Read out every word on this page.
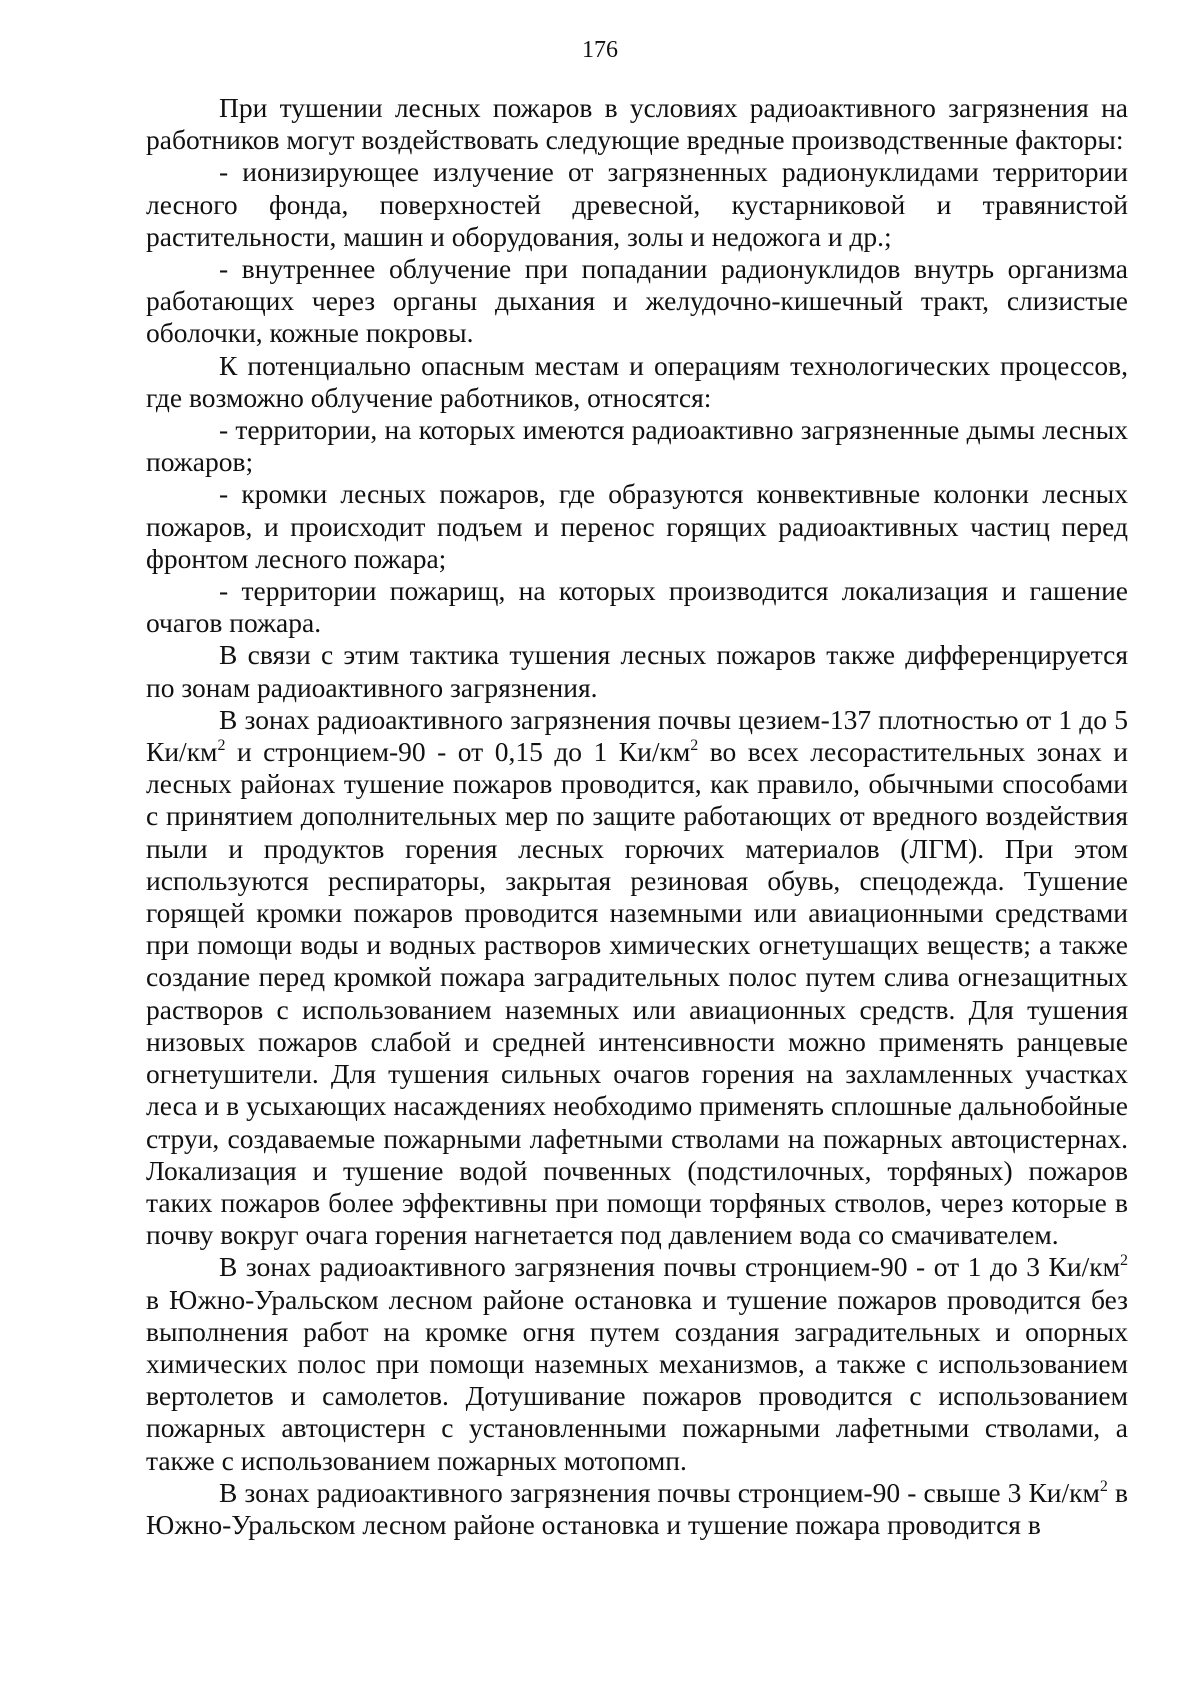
176

При тушении лесных пожаров в условиях радиоактивного загрязнения на работников могут воздействовать следующие вредные производственные факторы:

- ионизирующее излучение от загрязненных радионуклидами территории лесного фонда, поверхностей древесной, кустарниковой и травянистой растительности, машин и оборудования, золы и недожога и др.;

- внутреннее облучение при попадании радионуклидов внутрь организма работающих через органы дыхания и желудочно-кишечный тракт, слизистые оболочки, кожные покровы.

К потенциально опасным местам и операциям технологических процессов, где возможно облучение работников, относятся:

- территории, на которых имеются радиоактивно загрязненные дымы лесных пожаров;

- кромки лесных пожаров, где образуются конвективные колонки лесных пожаров, и происходит подъем и перенос горящих радиоактивных частиц перед фронтом лесного пожара;

- территории пожарищ, на которых производится локализация и гашение очагов пожара.

В связи с этим тактика тушения лесных пожаров также дифференцируется по зонам радиоактивного загрязнения.

В зонах радиоактивного загрязнения почвы цезием-137 плотностью от 1 до 5 $Ки/км^2$ и стронцием-90 - от 0,15 до 1 $Ки/км^2$ во всех лесорастительных зонах и лесных районах тушение пожаров проводится, как правило, обычными способами с принятием дополнительных мер по защите работающих от вредного воздействия пыли и продуктов горения лесных горючих материалов (ЛГМ). При этом используются респираторы, закрытая резиновая обувь, спецодежда. Тушение горящей кромки пожаров проводится наземными или авиационными средствами при помощи воды и водных растворов химических огнетушащих веществ; а также создание перед кромкой пожара заградительных полос путем слива огнезащитных растворов с использованием наземных или авиационных средств. Для тушения низовых пожаров слабой и средней интенсивности можно применять ранцевые огнетушители. Для тушения сильных очагов горения на захламленных участках леса и в усыхающих насаждениях необходимо применять сплошные дальнобойные струи, создаваемые пожарными лафетными стволами на пожарных автоцистернах. Локализация и тушение водой почвенных (подстилочных, торфяных) пожаров таких пожаров более эффективны при помощи торфяных стволов, через которые в почву вокруг очага горения нагнетается под давлением вода со смачивателем.

В зонах радиоактивного загрязнения почвы стронцием-90 - от 1 до 3 $Ки/км^2$ в Южно-Уральском лесном районе остановка и тушение пожаров проводится без выполнения работ на кромке огня путем создания заградительных и опорных химических полос при помощи наземных механизмов, а также с использованием вертолетов и самолетов. Дотушивание пожаров проводится с использованием пожарных автоцистерн с установленными пожарными лафетными стволами, а также с использованием пожарных мотопомп.

В зонах радиоактивного загрязнения почвы стронцием-90 - свыше 3 $Ки/км^2$ в Южно-Уральском лесном районе остановка и тушение пожара проводится в
